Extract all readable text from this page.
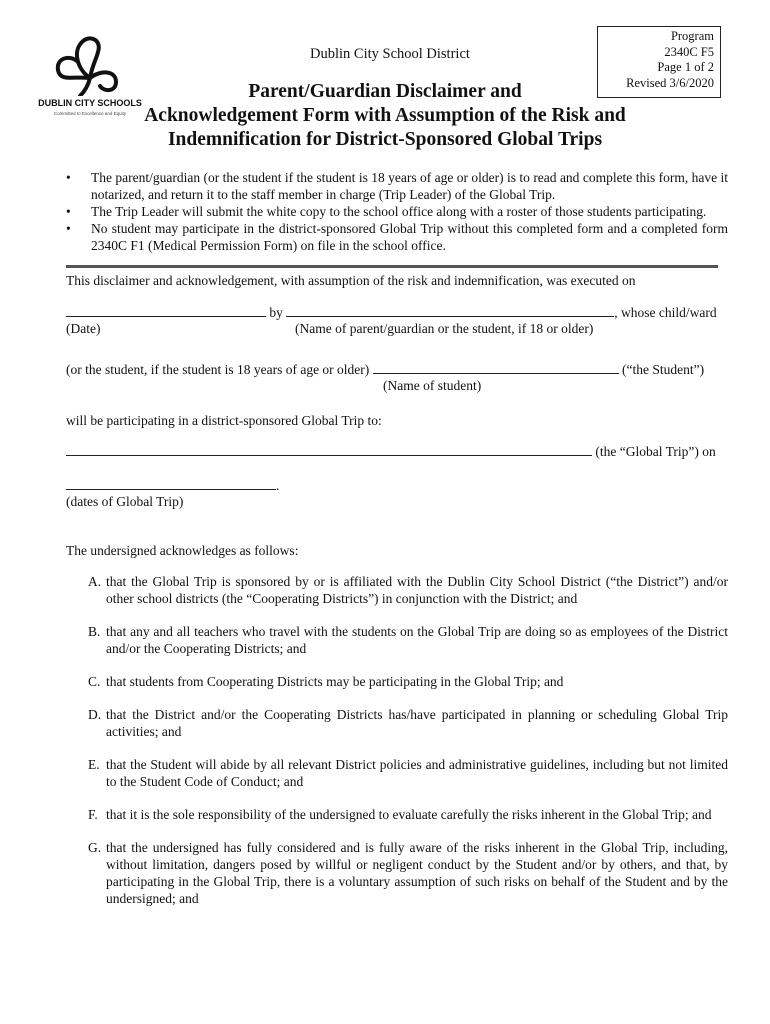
DUBLIN CITY SCHOOLS
Committed to Excellence and Equity
Dublin City School District
Program
2340C F5
Page 1 of 2
Revised 3/6/2020
Parent/Guardian Disclaimer and
Acknowledgement Form with Assumption of the Risk and
Indemnification for District-Sponsored Global Trips
• The parent/guardian (or the student if the student is 18 years of age or older) is to read and complete this form, have it notarized, and return it to the staff member in charge (Trip Leader) of the Global Trip.
• The Trip Leader will submit the white copy to the school office along with a roster of those students participating.
• No student may participate in the district-sponsored Global Trip without this completed form and a completed form 2340C F1 (Medical Permission Form) on file in the school office.
This disclaimer and acknowledgement, with assumption of the risk and indemnification, was executed on
by	, whose child/ward
(Date)	(Name of parent/guardian or the student, if 18 or older)
(or the student, if the student is 18 years of age or older)	(“the Student”)
(Name of student)
will be participating in a district-sponsored Global Trip to:
(the “Global Trip”) on
.
(dates of Global Trip)
The undersigned acknowledges as follows:
A. that the Global Trip is sponsored by or is affiliated with the Dublin City School District (“the District”) and/or other school districts (the “Cooperating Districts”) in conjunction with the District; and
B. that any and all teachers who travel with the students on the Global Trip are doing so as employees of the District and/or the Cooperating Districts; and
C. that students from Cooperating Districts may be participating in the Global Trip; and
D. that the District and/or the Cooperating Districts has/have participated in planning or scheduling Global Trip activities; and
E. that the Student will abide by all relevant District policies and administrative guidelines, including but not limited to the Student Code of Conduct; and
F. that it is the sole responsibility of the undersigned to evaluate carefully the risks inherent in the Global Trip; and
G. that the undersigned has fully considered and is fully aware of the risks inherent in the Global Trip, including, without limitation, dangers posed by willful or negligent conduct by the Student and/or by others, and that, by participating in the Global Trip, there is a voluntary assumption of such risks on behalf of the Student and by the undersigned; and
